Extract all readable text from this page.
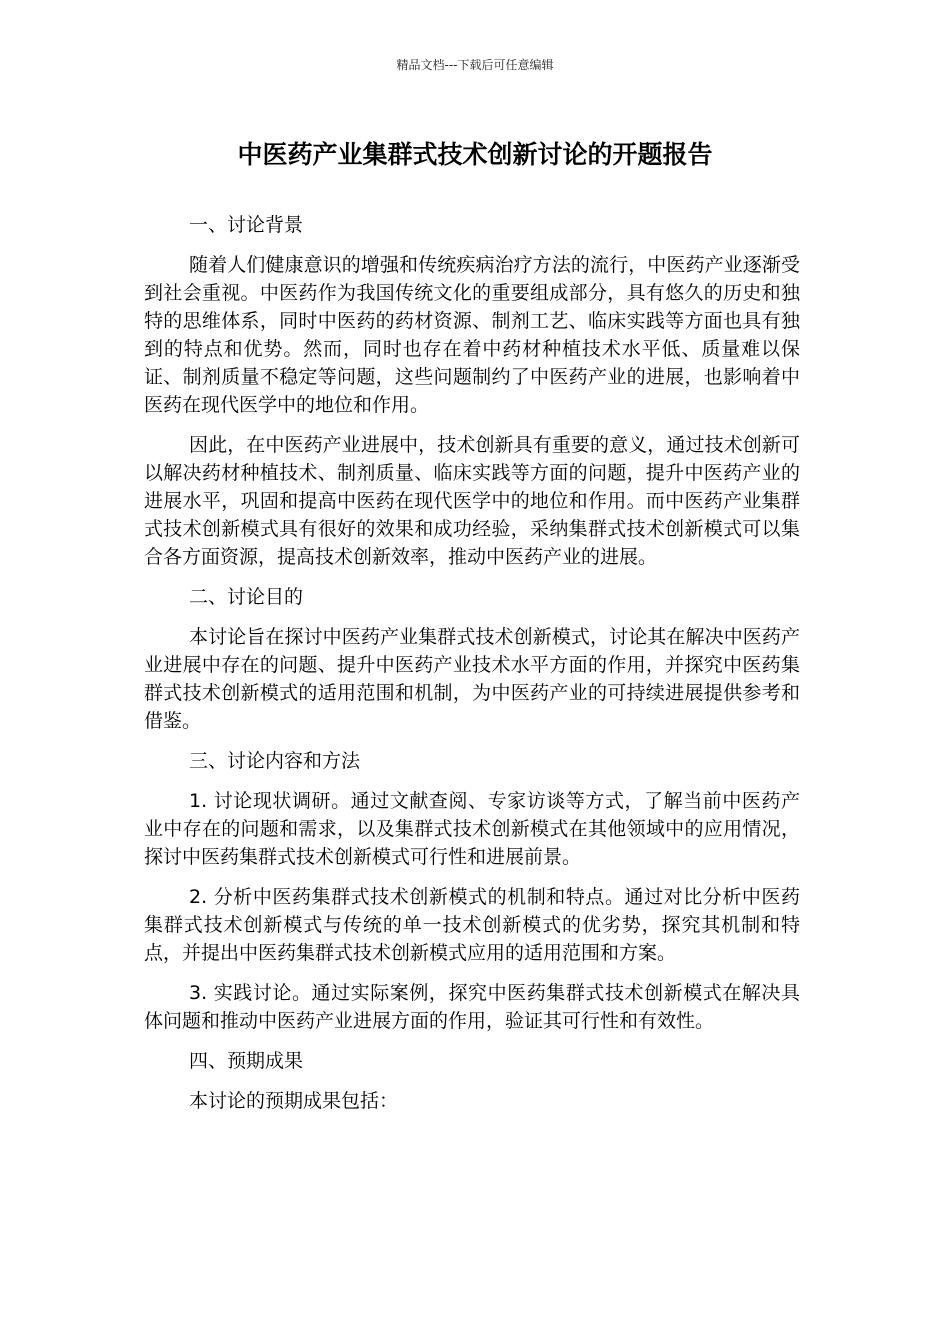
精品文档---下载后可任意编辑
中医药产业集群式技术创新讨论的开题报告

一、讨论背景

随着人们健康意识的增强和传统疾病治疗方法的流行，中医药产业逐渐受到社会重视。中医药作为我国传统文化的重要组成部分，具有悠久的历史和独特的思维体系，同时中医药的药材资源、制剂工艺、临床实践等方面也具有独到的特点和优势。然而，同时也存在着中药材种植技术水平低、质量难以保证、制剂质量不稳定等问题，这些问题制约了中医药产业的进展，也影响着中医药在现代医学中的地位和作用。

因此，在中医药产业进展中，技术创新具有重要的意义，通过技术创新可以解决药材种植技术、制剂质量、临床实践等方面的问题，提升中医药产业的进展水平，巩固和提高中医药在现代医学中的地位和作用。而中医药产业集群式技术创新模式具有很好的效果和成功经验，采纳集群式技术创新模式可以集合各方面资源，提高技术创新效率，推动中医药产业的进展。

二、讨论目的

本讨论旨在探讨中医药产业集群式技术创新模式，讨论其在解决中医药产业进展中存在的问题、提升中医药产业技术水平方面的作用，并探究中医药集群式技术创新模式的适用范围和机制，为中医药产业的可持续进展提供参考和借鉴。

三、讨论内容和方法

1. 讨论现状调研。通过文献查阅、专家访谈等方式，了解当前中医药产业中存在的问题和需求，以及集群式技术创新模式在其他领域中的应用情况，探讨中医药集群式技术创新模式可行性和进展前景。

2. 分析中医药集群式技术创新模式的机制和特点。通过对比分析中医药集群式技术创新模式与传统的单一技术创新模式的优劣势，探究其机制和特点，并提出中医药集群式技术创新模式应用的适用范围和方案。

3. 实践讨论。通过实际案例，探究中医药集群式技术创新模式在解决具体问题和推动中医药产业进展方面的作用，验证其可行性和有效性。

四、预期成果

本讨论的预期成果包括：
